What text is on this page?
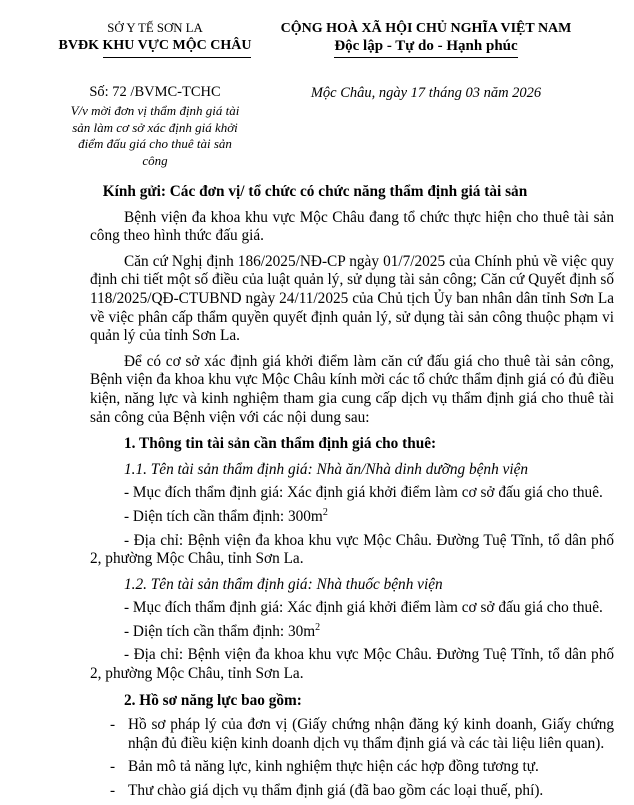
SỞ Y TẾ SƠN LA
BVĐK KHU VỰC MỘC CHÂU
Số: 72 /BVMC-TCHC
V/v mời đơn vị thẩm định giá tài sản làm cơ sở xác định giá khởi điểm đấu giá cho thuê tài sản công
CỘNG HOÀ XÃ HỘI CHỦ NGHĨA VIỆT NAM
Độc lập - Tự do - Hạnh phúc
Mộc Châu, ngày 17 tháng 03 năm 2026
Kính gửi: Các đơn vị/ tổ chức có chức năng thẩm định giá tài sản
Bệnh viện đa khoa khu vực Mộc Châu đang tổ chức thực hiện cho thuê tài sản công theo hình thức đấu giá.
Căn cứ Nghị định 186/2025/NĐ-CP ngày 01/7/2025 của Chính phủ về việc quy định chi tiết một số điều của luật quản lý, sử dụng tài sản công; Căn cứ Quyết định số 118/2025/QĐ-CTUBND ngày 24/11/2025 của Chủ tịch Ủy ban nhân dân tỉnh Sơn La về việc phân cấp thẩm quyền quyết định quản lý, sử dụng tài sản công thuộc phạm vi quản lý của tỉnh Sơn La.
Để có cơ sở xác định giá khởi điểm làm căn cứ đấu giá cho thuê tài sản công, Bệnh viện đa khoa khu vực Mộc Châu kính mời các tổ chức thẩm định giá có đủ điều kiện, năng lực và kinh nghiệm tham gia cung cấp dịch vụ thẩm định giá cho thuê tài sản công của Bệnh viện với các nội dung sau:
1. Thông tin tài sản cần thẩm định giá cho thuê:
1.1. Tên tài sản thẩm định giá: Nhà ăn/Nhà dinh dưỡng bệnh viện
- Mục đích thẩm định giá: Xác định giá khởi điểm làm cơ sở đấu giá cho thuê.
- Diện tích cần thẩm định: $300m^2$
- Địa chỉ: Bệnh viện đa khoa khu vực Mộc Châu. Đường Tuệ Tĩnh, tổ dân phố 2, phường Mộc Châu, tỉnh Sơn La.
1.2. Tên tài sản thẩm định giá: Nhà thuốc bệnh viện
- Mục đích thẩm định giá: Xác định giá khởi điểm làm cơ sở đấu giá cho thuê.
- Diện tích cần thẩm định: $30m^2$
- Địa chỉ: Bệnh viện đa khoa khu vực Mộc Châu. Đường Tuệ Tĩnh, tổ dân phố 2, phường Mộc Châu, tỉnh Sơn La.
2. Hồ sơ năng lực bao gồm:
- Hồ sơ pháp lý của đơn vị (Giấy chứng nhận đăng ký kinh doanh, Giấy chứng nhận đủ điều kiện kinh doanh dịch vụ thẩm định giá và các tài liệu liên quan).
- Bản mô tả năng lực, kinh nghiệm thực hiện các hợp đồng tương tự.
- Thư chào giá dịch vụ thẩm định giá (đã bao gồm các loại thuế, phí).
